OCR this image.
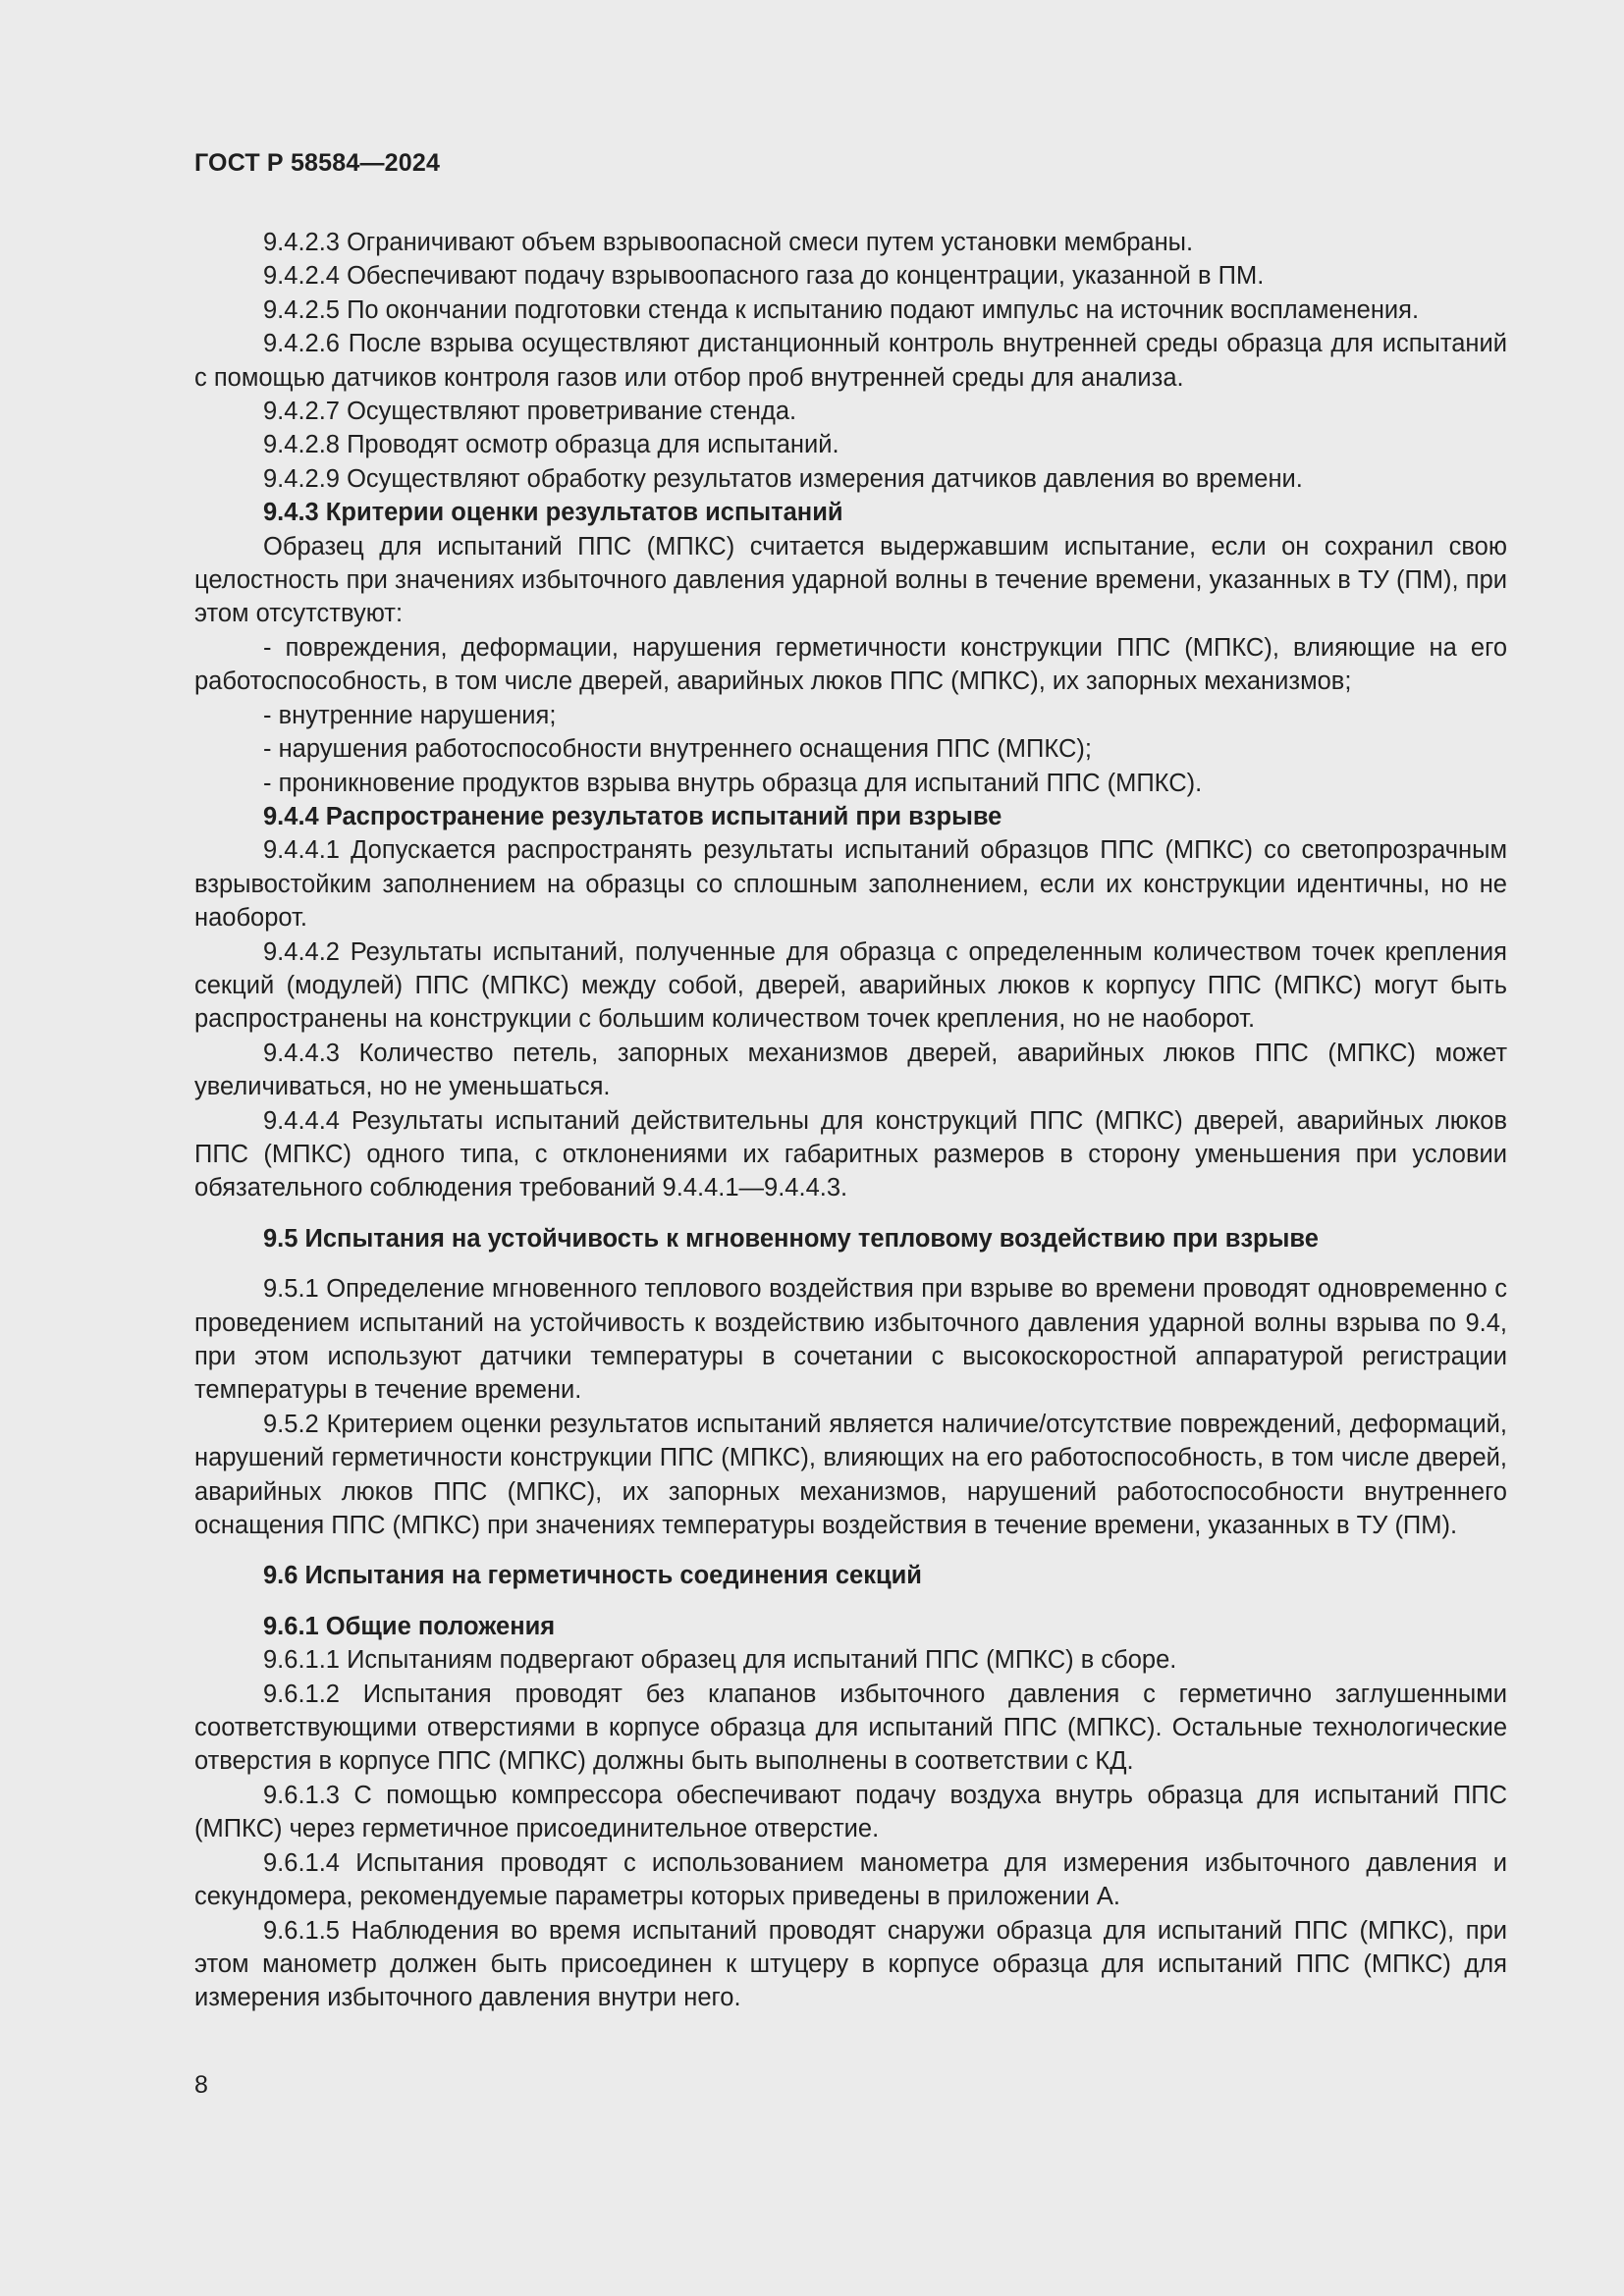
ГОСТ Р 58584—2024

9.4.2.3 Ограничивают объем взрывоопасной смеси путем установки мембраны.

9.4.2.4 Обеспечивают подачу взрывоопасного газа до концентрации, указанной в ПМ.

9.4.2.5 По окончании подготовки стенда к испытанию подают импульс на источник воспламенения.

9.4.2.6 После взрыва осуществляют дистанционный контроль внутренней среды образца для испытаний с помощью датчиков контроля газов или отбор проб внутренней среды для анализа.

9.4.2.7 Осуществляют проветривание стенда.

9.4.2.8 Проводят осмотр образца для испытаний.

9.4.2.9 Осуществляют обработку результатов измерения датчиков давления во времени.

9.4.3 Критерии оценки результатов испытаний

Образец для испытаний ППС (МПКС) считается выдержавшим испытание, если он сохранил свою целостность при значениях избыточного давления ударной волны в течение времени, указанных в ТУ (ПМ), при этом отсутствуют:

- повреждения, деформации, нарушения герметичности конструкции ППС (МПКС), влияющие на его работоспособность, в том числе дверей, аварийных люков ППС (МПКС), их запорных механизмов;

- внутренние нарушения;

- нарушения работоспособности внутреннего оснащения ППС (МПКС);

- проникновение продуктов взрыва внутрь образца для испытаний ППС (МПКС).

9.4.4 Распространение результатов испытаний при взрыве

9.4.4.1 Допускается распространять результаты испытаний образцов ППС (МПКС) со светопрозрачным взрывостойким заполнением на образцы со сплошным заполнением, если их конструкции идентичны, но не наоборот.

9.4.4.2 Результаты испытаний, полученные для образца с определенным количеством точек крепления секций (модулей) ППС (МПКС) между собой, дверей, аварийных люков к корпусу ППС (МПКС) могут быть распространены на конструкции с большим количеством точек крепления, но не наоборот.

9.4.4.3 Количество петель, запорных механизмов дверей, аварийных люков ППС (МПКС) может увеличиваться, но не уменьшаться.

9.4.4.4 Результаты испытаний действительны для конструкций ППС (МПКС) дверей, аварийных люков ППС (МПКС) одного типа, с отклонениями их габаритных размеров в сторону уменьшения при условии обязательного соблюдения требований 9.4.4.1—9.4.4.3.

9.5 Испытания на устойчивость к мгновенному тепловому воздействию при взрыве

9.5.1 Определение мгновенного теплового воздействия при взрыве во времени проводят одновременно с проведением испытаний на устойчивость к воздействию избыточного давления ударной волны взрыва по 9.4, при этом используют датчики температуры в сочетании с высокоскоростной аппаратурой регистрации температуры в течение времени.

9.5.2 Критерием оценки результатов испытаний является наличие/отсутствие повреждений, деформаций, нарушений герметичности конструкции ППС (МПКС), влияющих на его работоспособность, в том числе дверей, аварийных люков ППС (МПКС), их запорных механизмов, нарушений работоспособности внутреннего оснащения ППС (МПКС) при значениях температуры воздействия в течение времени, указанных в ТУ (ПМ).

9.6 Испытания на герметичность соединения секций

9.6.1 Общие положения

9.6.1.1 Испытаниям подвергают образец для испытаний ППС (МПКС) в сборе.

9.6.1.2 Испытания проводят без клапанов избыточного давления с герметично заглушенными соответствующими отверстиями в корпусе образца для испытаний ППС (МПКС). Остальные технологические отверстия в корпусе ППС (МПКС) должны быть выполнены в соответствии с КД.

9.6.1.3 С помощью компрессора обеспечивают подачу воздуха внутрь образца для испытаний ППС (МПКС) через герметичное присоединительное отверстие.

9.6.1.4 Испытания проводят с использованием манометра для измерения избыточного давления и секундомера, рекомендуемые параметры которых приведены в приложении А.

9.6.1.5 Наблюдения во время испытаний проводят снаружи образца для испытаний ППС (МПКС), при этом манометр должен быть присоединен к штуцеру в корпусе образца для испытаний ППС (МПКС) для измерения избыточного давления внутри него.

8
